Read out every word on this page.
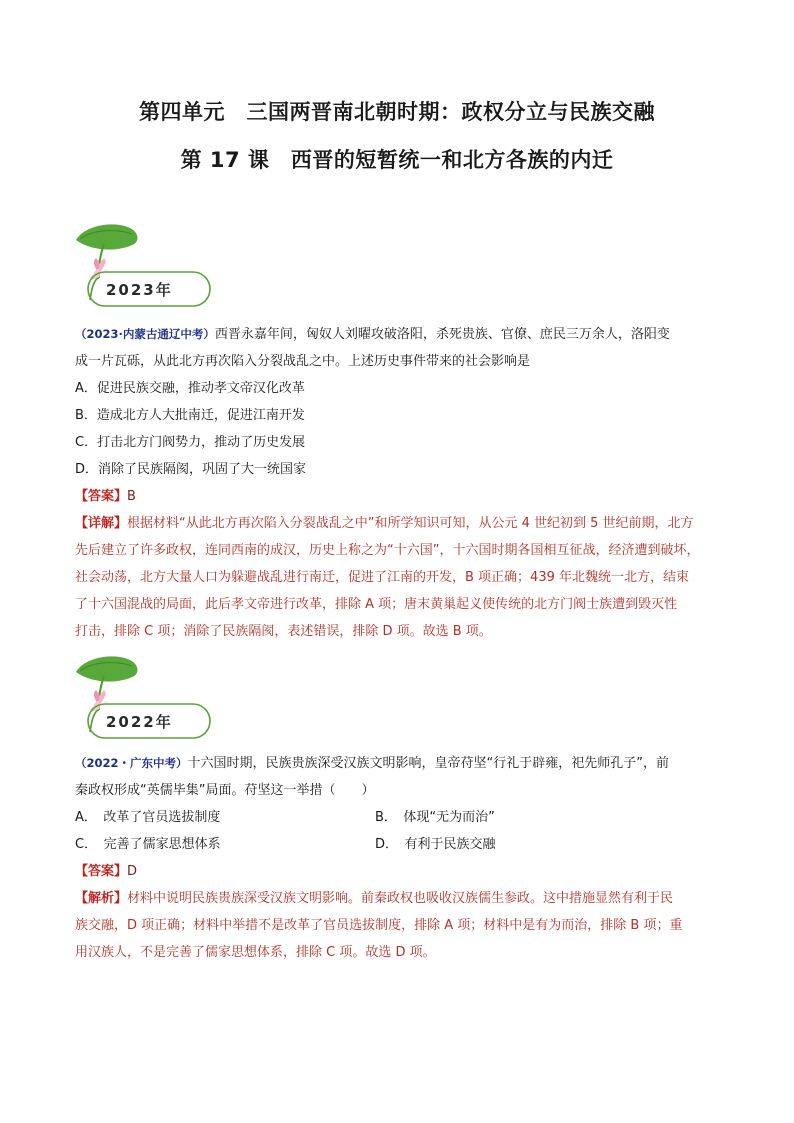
第四单元　三国两晋南北朝时期：政权分立与民族交融
第 17 课　西晋的短暂统一和北方各族的内迁
2023年
（2023·内蒙古通辽中考）西晋永嘉年间，匈奴人刘曜攻破洛阳，杀死贵族、官僚、庶民三万余人，洛阳变
成一片瓦砾，从此北方再次陷入分裂战乱之中。上述历史事件带来的社会影响是
A．促进民族交融，推动孝文帝汉化改革
B．造成北方人大批南迁，促进江南开发
C．打击北方门阀势力，推动了历史发展
D．消除了民族隔阂，巩固了大一统国家
【答案】B
【详解】根据材料“从此北方再次陷入分裂战乱之中”和所学知识可知，从公元 4 世纪初到 5 世纪前期，北方
先后建立了许多政权，连同西南的成汉，历史上称之为“十六国”，十六国时期各国相互征战，经济遭到破坏，
社会动荡，北方大量人口为躲避战乱进行南迁，促进了江南的开发，B 项正确；439 年北魏统一北方，结束
了十六国混战的局面，此后孝文帝进行改革，排除 A 项；唐末黄巢起义使传统的北方门阀士族遭到毁灭性
打击，排除 C 项；消除了民族隔阂，表述错误，排除 D 项。故选 B 项。
2022年
（2022・广东中考）十六国时期，民族贵族深受汉族文明影响，皇帝苻坚“行礼于辟雍，祀先师孔子”，前
秦政权形成“英儒毕集”局面。苻坚这一举措（　　）
A．　改革了官员选拔制度	B．　体现“无为而治”
C．　完善了儒家思想体系	D．　有利于民族交融
【答案】D
【解析】材料中说明民族贵族深受汉族文明影响。前秦政权也吸收汉族儒生参政。这中措施显然有利于民
族交融，D 项正确；材料中举措不是改革了官员选拔制度，排除 A 项；材料中是有为而治，排除 B 项；重
用汉族人，不是完善了儒家思想体系，排除 C 项。故选 D 项。
